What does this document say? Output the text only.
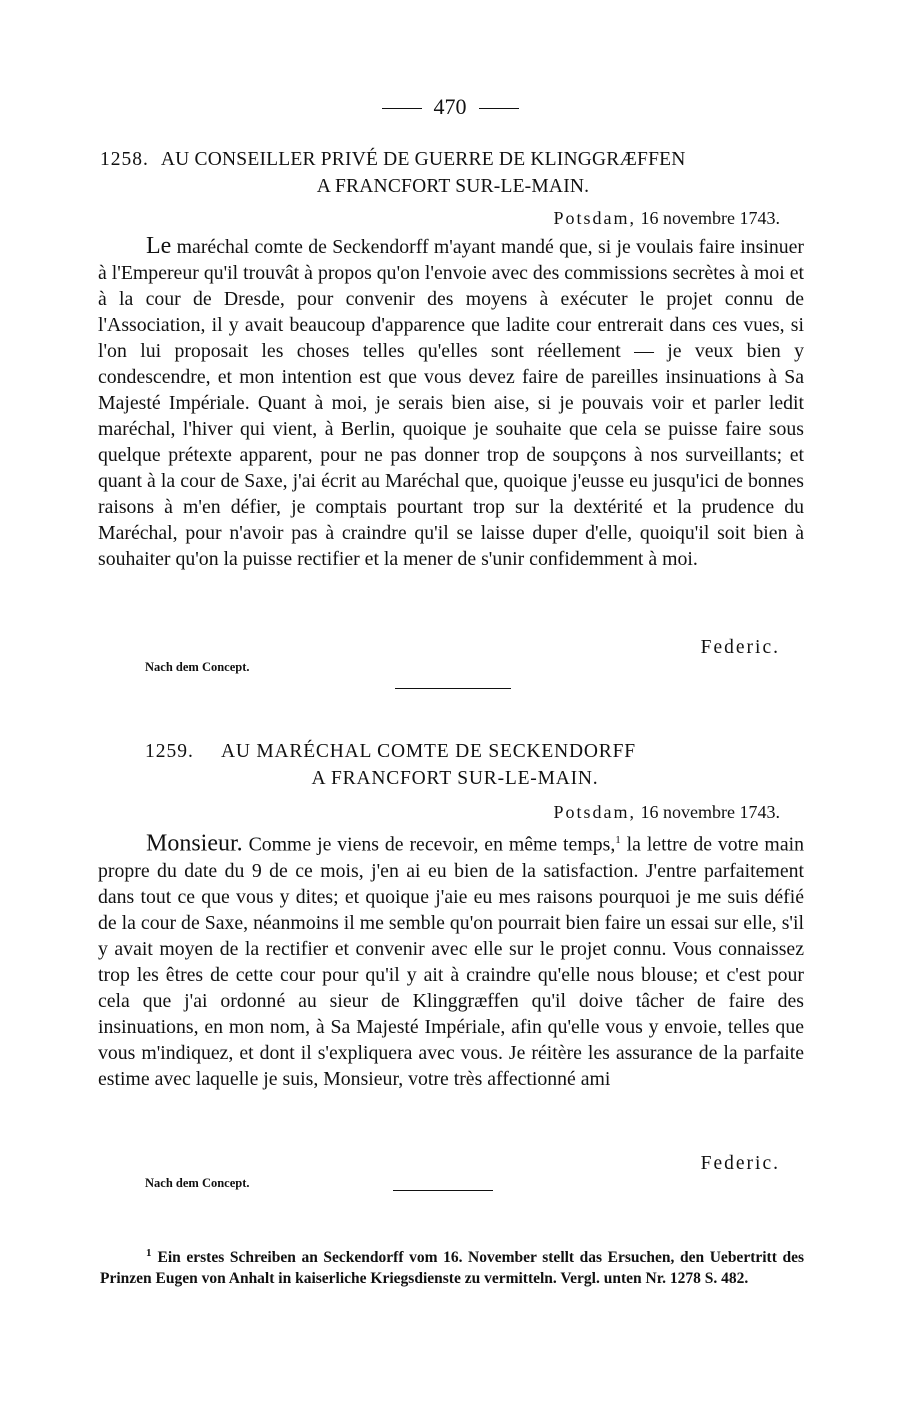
470
1258. AU CONSEILLER PRIVÉ DE GUERRE DE KLINGGRÆFFEN
A FRANCFORT SUR-LE-MAIN.
Potsdam, 16 novembre 1743.
Le maréchal comte de Seckendorff m'ayant mandé que, si je voulais faire insinuer à l'Empereur qu'il trouvât à propos qu'on l'envoie avec des commissions secrètes à moi et à la cour de Dresde, pour convenir des moyens à exécuter le projet connu de l'Association, il y avait beaucoup d'apparence que ladite cour entrerait dans ces vues, si l'on lui proposait les choses telles qu'elles sont réellement — je veux bien y condescendre, et mon intention est que vous devez faire de pareilles insinuations à Sa Majesté Impériale. Quant à moi, je serais bien aise, si je pouvais voir et parler ledit maréchal, l'hiver qui vient, à Berlin, quoique je souhaite que cela se puisse faire sous quelque prétexte apparent, pour ne pas donner trop de soupçons à nos surveillants; et quant à la cour de Saxe, j'ai écrit au Maréchal que, quoique j'eusse eu jusqu'ici de bonnes raisons à m'en défier, je comptais pourtant trop sur la dextérité et la prudence du Maréchal, pour n'avoir pas à craindre qu'il se laisse duper d'elle, quoiqu'il soit bien à souhaiter qu'on la puisse rectifier et la mener de s'unir confidemment à moi.
Federic.
Nach dem Concept.
1259. AU MARÉCHAL COMTE DE SECKENDORFF
A FRANCFORT SUR-LE-MAIN.
Potsdam, 16 novembre 1743.
Monsieur. Comme je viens de recevoir, en même temps,$^1$ la lettre de votre main propre du date du 9 de ce mois, j'en ai eu bien de la satisfaction. J'entre parfaitement dans tout ce que vous y dites; et quoique j'aie eu mes raisons pourquoi je me suis défié de la cour de Saxe, néanmoins il me semble qu'on pourrait bien faire un essai sur elle, s'il y avait moyen de la rectifier et convenir avec elle sur le projet connu. Vous connaissez trop les êtres de cette cour pour qu'il y ait à craindre qu'elle nous blouse; et c'est pour cela que j'ai ordonné au sieur de Klinggræffen qu'il doive tâcher de faire des insinuations, en mon nom, à Sa Majesté Impériale, afin qu'elle vous y envoie, telles que vous m'indiquez, et dont il s'expliquera avec vous. Je réitère les assurance de la parfaite estime avec laquelle je suis, Monsieur, votre très affectionné ami
Federic.
Nach dem Concept.
$^1$ Ein erstes Schreiben an Seckendorff vom 16. November stellt das Ersuchen, den Uebertritt des Prinzen Eugen von Anhalt in kaiserliche Kriegsdienste zu vermitteln. Vergl. unten Nr. 1278 S. 482.
